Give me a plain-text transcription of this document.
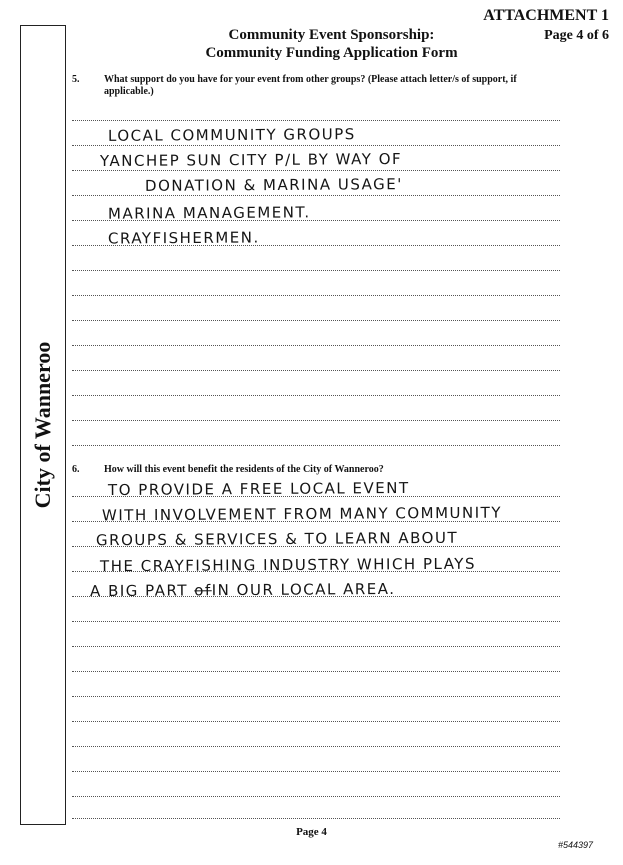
ATTACHMENT 1
Page 4 of 6
Community Event Sponsorship:
Community Funding Application Form
City of Wanneroo
5. What support do you have for your event from other groups? (Please attach letter/s of support, if applicable.)
LOCAL COMMUNITY GROUPS
YANCHEP SUN CITY P/L BY WAY OF
DONATION & MARINA USAGE'
MARINA MANAGEMENT.
CRAYFISHERMEN.
6. How will this event benefit the residents of the City of Wanneroo?
TO PROVIDE A FREE LOCAL EVENT
WITH INVOLVEMENT FROM MANY COMMUNITY
GROUPS & SERVICES & TO LEARN ABOUT
THE CRAYFISHING INDUSTRY WHICH PLAYS
A BIG PART ofIN OUR LOCAL AREA.
Page 4
#544397
